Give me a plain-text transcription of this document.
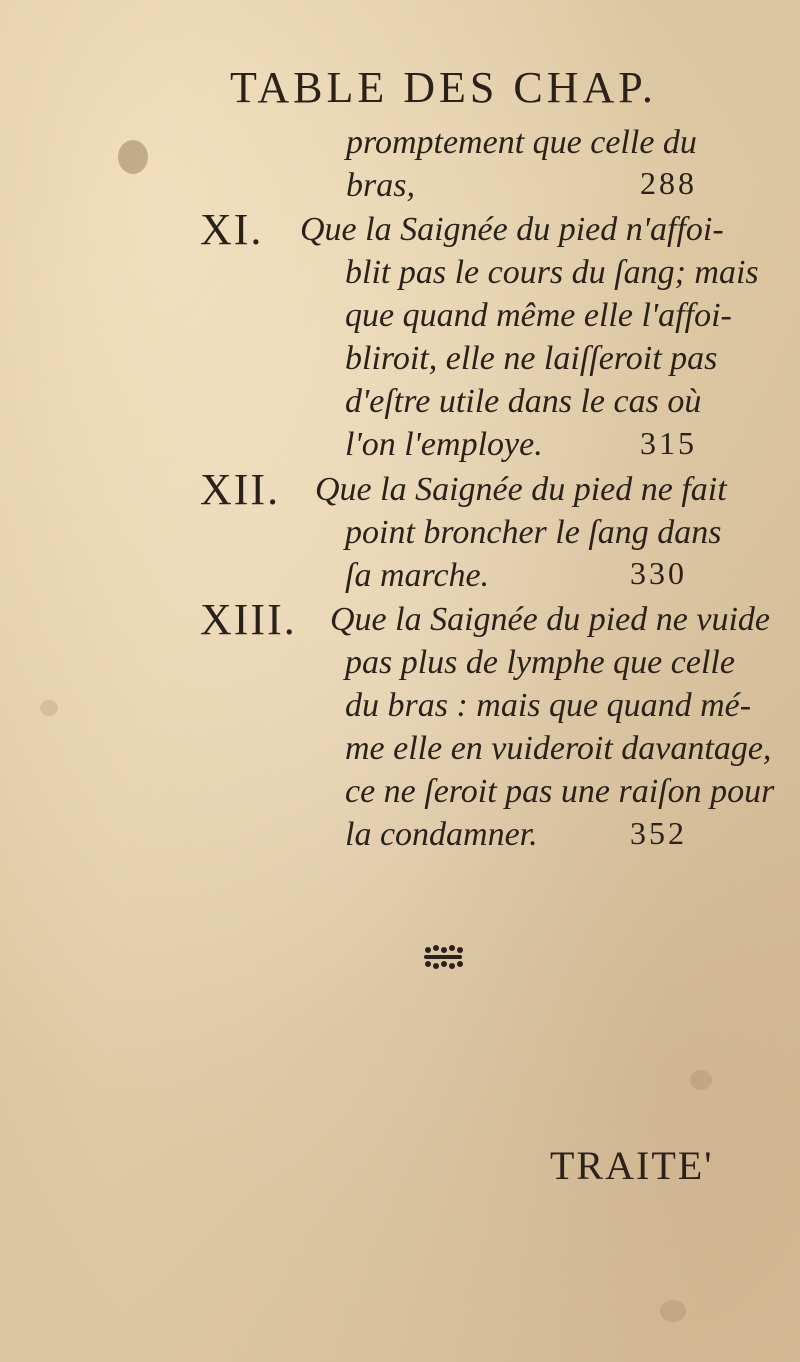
TABLE DES CHAP.
promptement que celle du
bras,	288
XI. Que la Saignée du pied n'affoi-
blit pas le cours du ſang; mais
que quand même elle l'affoi-
bliroit, elle ne laiſſeroit pas
d'eſtre utile dans le cas où
l'on l'employe.	315
XII. Que la Saignée du pied ne fait
point broncher le ſang dans
ſa marche.	330
XIII. Que la Saignée du pied ne vuide
pas plus de lymphe que celle
du bras : mais que quand mé-
me elle en vuideroit davantage,
ce ne ſeroit pas une raiſon pour
la condamner.	352
TRAITE'
